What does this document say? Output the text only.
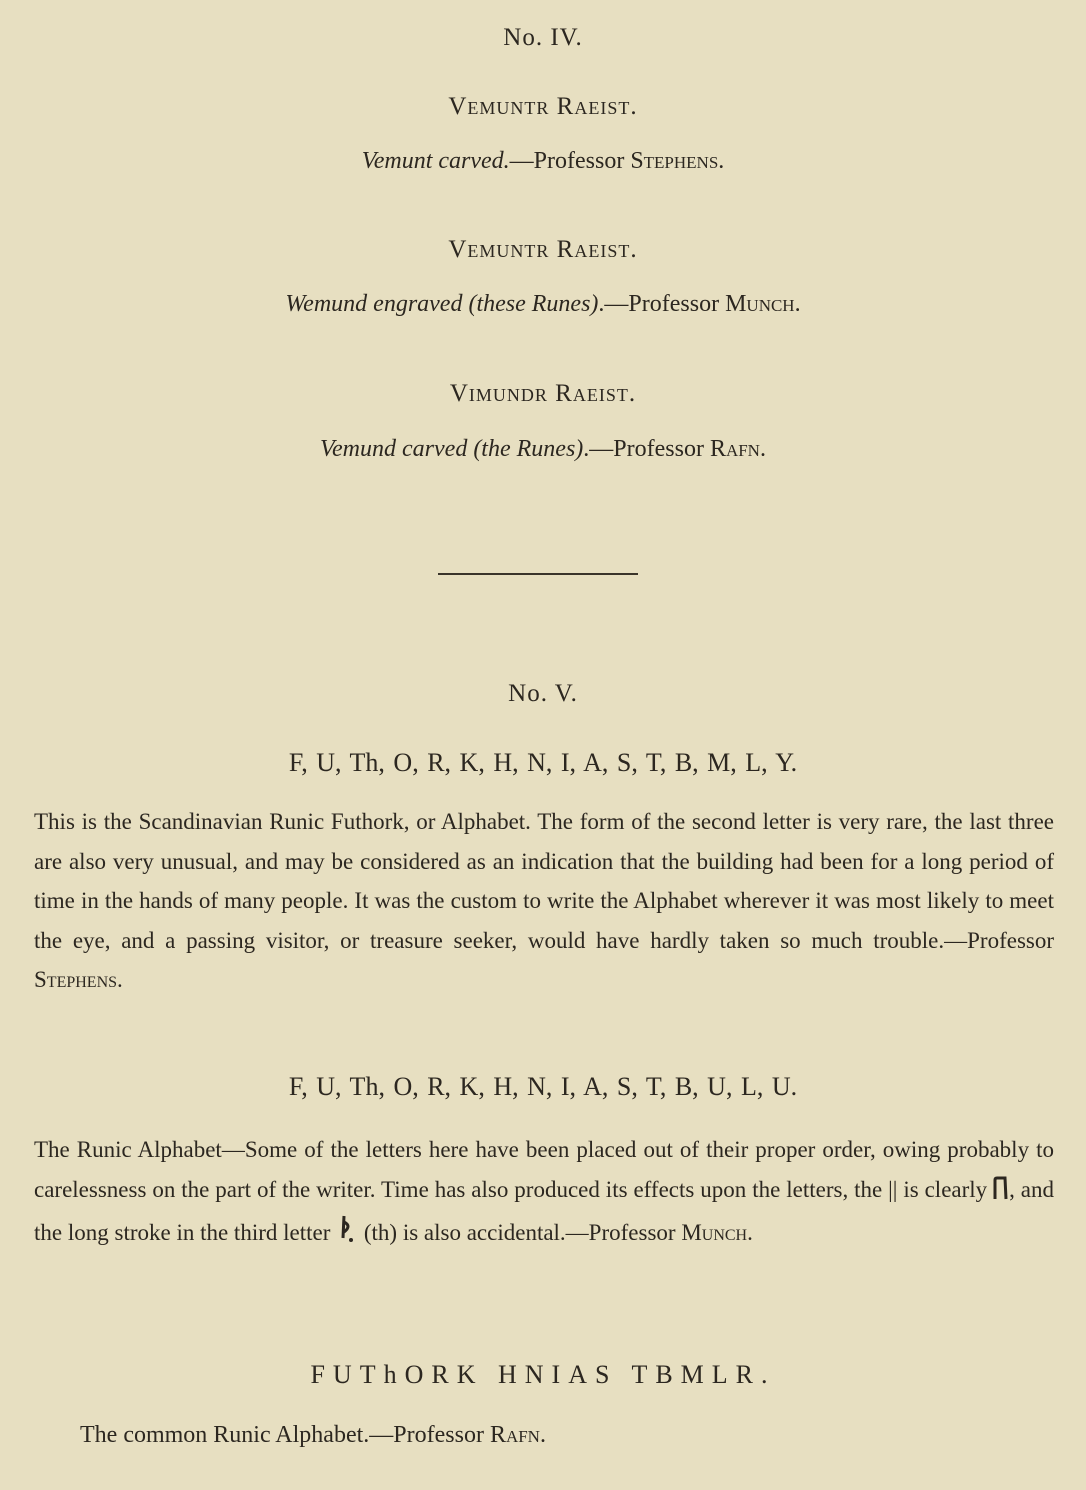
No. IV.
Vemuntr Raeist.
Vemunt carved.—Professor Stephens.
Vemuntr Raeist.
Wemund engraved (these Runes).—Professor Munch.
Vimundr Raeist.
Vemund carved (the Runes).—Professor Rafn.
No. V.
F, U, Th, O, R, K, H, N, I, A, S, T, B, M, L, Y.
This is the Scandinavian Runic Futhork, or Alphabet. The form of the second letter is very rare, the last three are also very unusual, and may be considered as an indication that the building had been for a long period of time in the hands of many people. It was the custom to write the Alphabet wherever it was most likely to meet the eye, and a passing visitor, or treasure seeker, would have hardly taken so much trouble.—Professor Stephens.
F, U, Th, O, R, K, H, N, I, A, S, T, B, U, L, U.
The Runic Alphabet—Some of the letters here have been placed out of their proper order, owing probably to carelessness on the part of the writer. Time has also produced its effects upon the letters, the || is clearly , and the long stroke in the third letter  (th) is also accidental.—Professor Munch.
FUThORK HNIAS TBMLR.
The common Runic Alphabet.—Professor Rafn.
